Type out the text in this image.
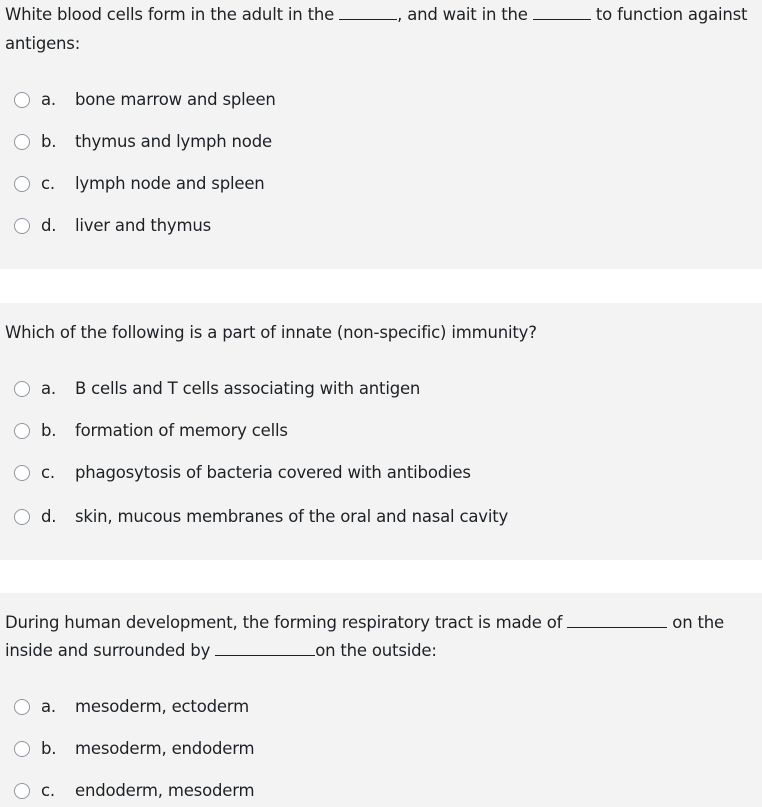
White blood cells form in the adult in the	, and wait in the	to function against
antigens:
a. bone marrow and spleen
b. thymus and lymph node
c. lymph node and spleen
d. liver and thymus
Which of the following is a part of innate (non-specific) immunity?
a. B cells and T cells associating with antigen
b. formation of memory cells
c. phagosytosis of bacteria covered with antibodies
d. skin, mucous membranes of the oral and nasal cavity
During human development, the forming respiratory tract is made of	on the
inside and surrounded by	on the outside:
a. mesoderm, ectoderm
b. mesoderm, endoderm
c. endoderm, mesoderm
